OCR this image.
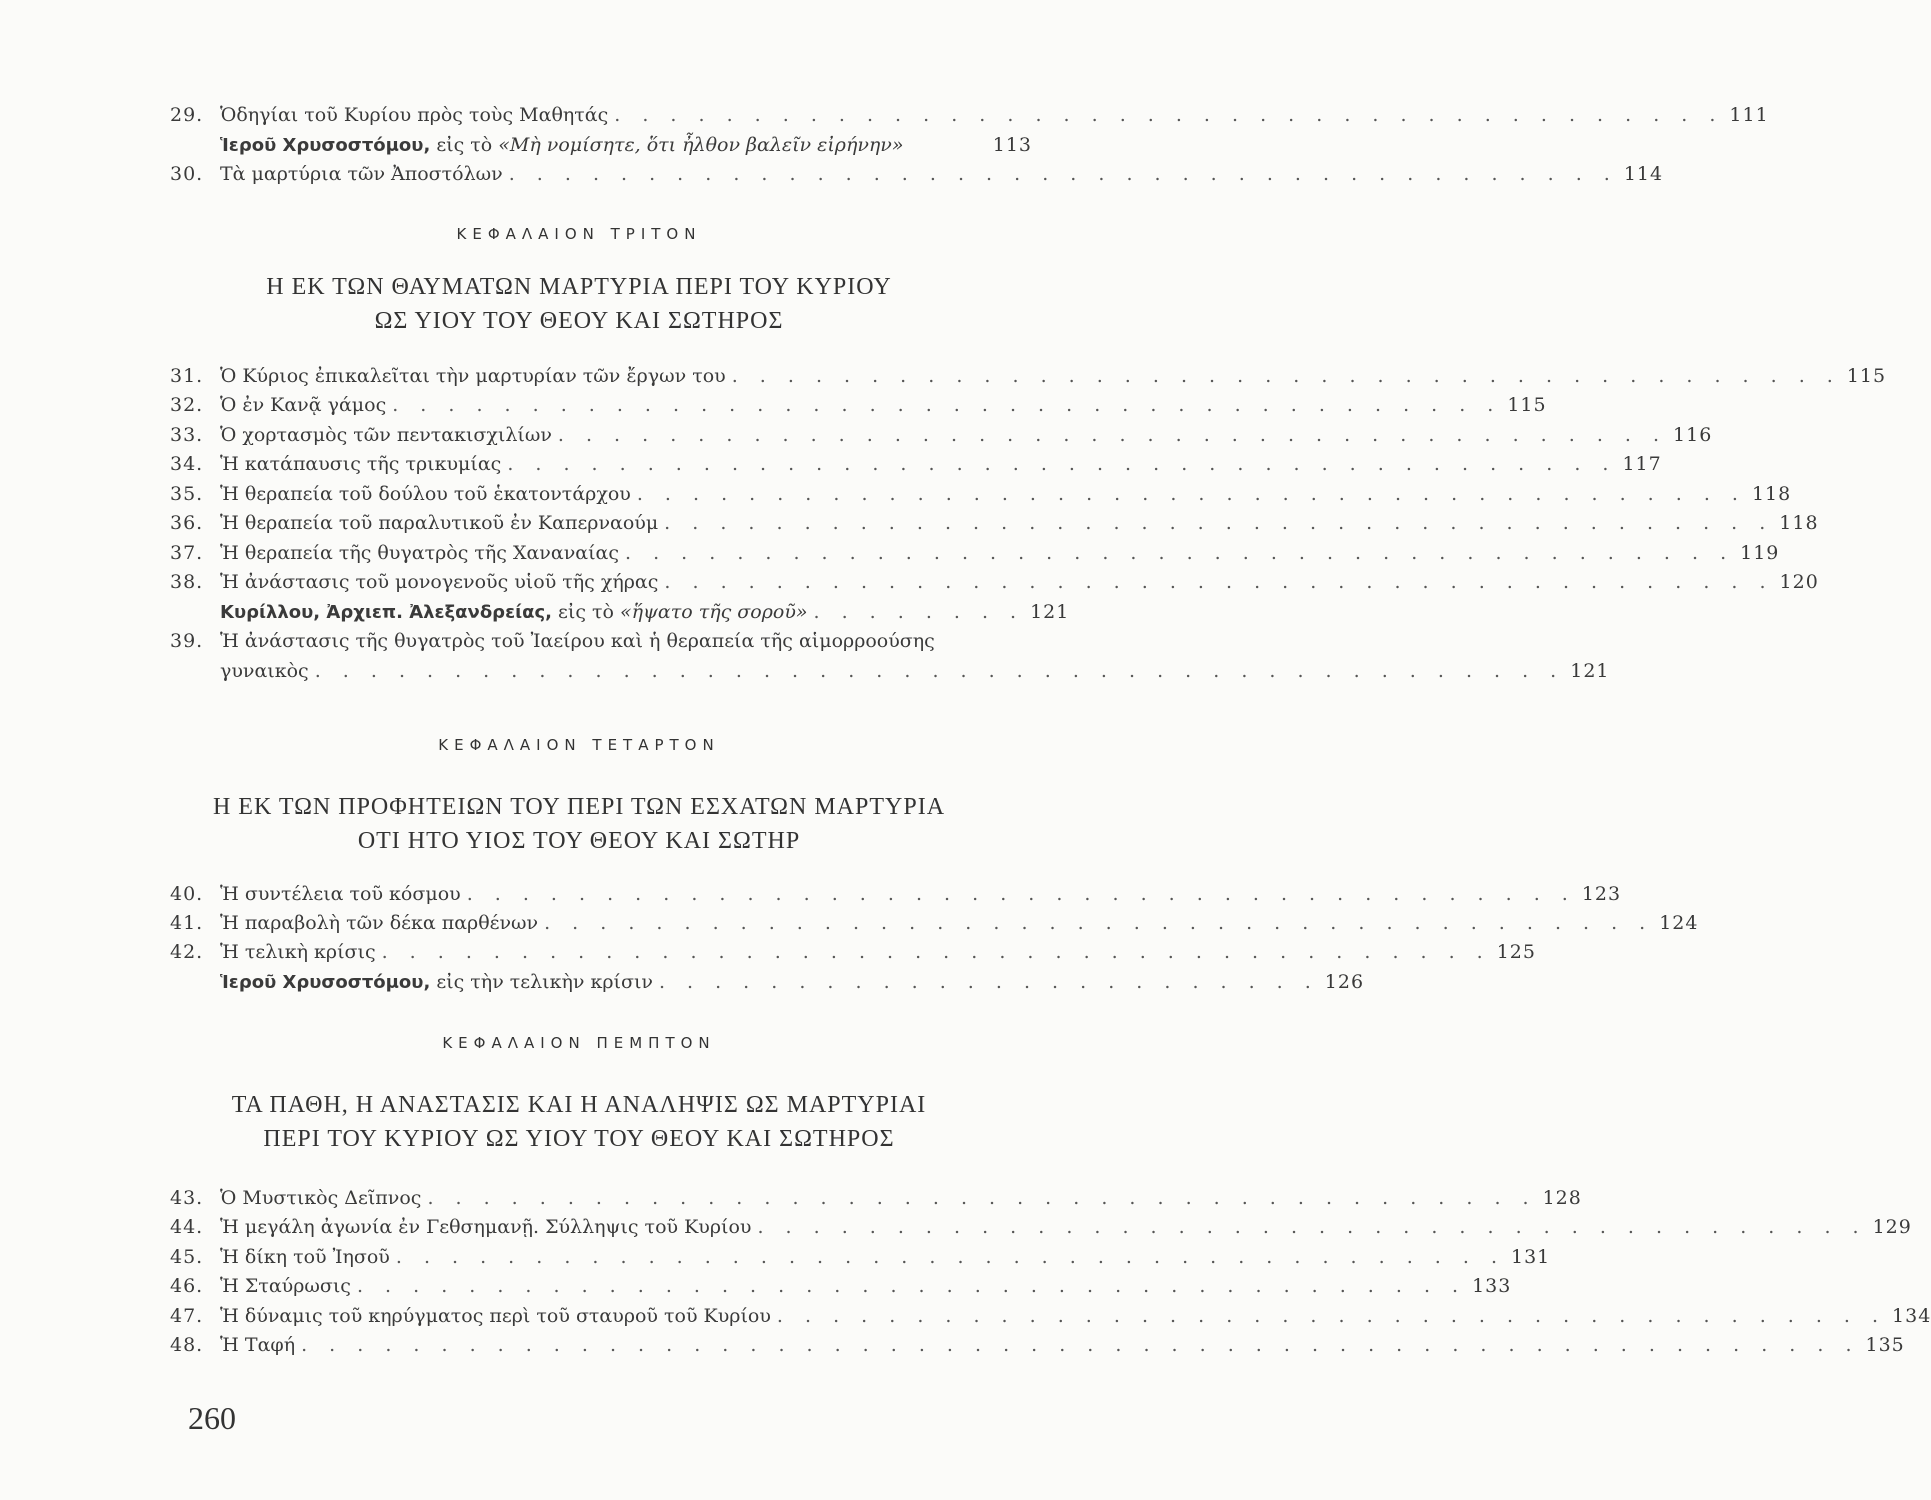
29. Ὁδηγίαι τοῦ Κυρίου πρὸς τοὺς Μαθητάς . . . . . . . . . . . . . . . . . . . . . . . . . . . . . . . . . . . . . . . . 111
Ἱεροῦ Χρυσοστόμου, εἰς τὸ «Μὴ νομίσητε, ὅτι ἦλθον βαλεῖν εἰρήνην»	113
30. Τὰ μαρτύρια τῶν Ἀποστόλων . . . . . . . . . . . . . . . . . . . . . . . . . . . . . . . . . . . . . . . . 114
ΚΕΦΑΛΑΙΟΝ ΤΡΙΤΟΝ
Η ΕΚ ΤΩΝ ΘΑΥΜΑΤΩΝ ΜΑΡΤΥΡΙΑ ΠΕΡΙ ΤΟΥ ΚΥΡΙΟΥ
ΩΣ ΥΙΟΥ ΤΟΥ ΘΕΟΥ ΚΑΙ ΣΩΤΗΡΟΣ
31. Ὁ Κύριος ἐπικαλεῖται τὴν μαρτυρίαν τῶν ἔργων του . . . . . . . . . . . . . . . . . . . . . . . . . . . . . . . . . . . . . . . . 115
32. Ὁ ἐν Κανᾷ γάμος . . . . . . . . . . . . . . . . . . . . . . . . . . . . . . . . . . . . . . . . 115
33. Ὁ χορτασμὸς τῶν πεντακισχιλίων . . . . . . . . . . . . . . . . . . . . . . . . . . . . . . . . . . . . . . . . 116
34. Ἡ κατάπαυσις τῆς τρικυμίας . . . . . . . . . . . . . . . . . . . . . . . . . . . . . . . . . . . . . . . . 117
35. Ἡ θεραπεία τοῦ δούλου τοῦ ἑκατοντάρχου . . . . . . . . . . . . . . . . . . . . . . . . . . . . . . . . . . . . . . . . 118
36. Ἡ θεραπεία τοῦ παραλυτικοῦ ἐν Καπερναούμ . . . . . . . . . . . . . . . . . . . . . . . . . . . . . . . . . . . . . . . . 118
37. Ἡ θεραπεία τῆς θυγατρὸς τῆς Χαναναίας . . . . . . . . . . . . . . . . . . . . . . . . . . . . . . . . . . . . . . . . 119
38. Ἡ ἀνάστασις τοῦ μονογενοῦς υἱοῦ τῆς χήρας . . . . . . . . . . . . . . . . . . . . . . . . . . . . . . . . . . . . . . . . 120
Κυρίλλου, Ἀρχιεπ. Ἀλεξανδρείας, εἰς τὸ «ἥψατο τῆς σοροῦ» . . . . . . . . 121
39. Ἡ ἀνάστασις τῆς θυγατρὸς τοῦ Ἰαείρου καὶ ἡ θεραπεία τῆς αἱμορροούσης
γυναικὸς . . . . . . . . . . . . . . . . . . . . . . . . . . . . . . . . . . . . . . . . . . . . . 121
ΚΕΦΑΛΑΙΟΝ ΤΕΤΑΡΤΟΝ
Η ΕΚ ΤΩΝ ΠΡΟΦΗΤΕΙΩΝ ΤΟΥ ΠΕΡΙ ΤΩΝ ΕΣΧΑΤΩΝ ΜΑΡΤΥΡΙΑ
ΟΤΙ ΗΤΟ ΥΙΟΣ ΤΟΥ ΘΕΟΥ ΚΑΙ ΣΩΤΗΡ
40. Ἡ συντέλεια τοῦ κόσμου . . . . . . . . . . . . . . . . . . . . . . . . . . . . . . . . . . . . . . . . 123
41. Ἡ παραβολὴ τῶν δέκα παρθένων . . . . . . . . . . . . . . . . . . . . . . . . . . . . . . . . . . . . . . . . 124
42. Ἡ τελικὴ κρίσις . . . . . . . . . . . . . . . . . . . . . . . . . . . . . . . . . . . . . . . . 125
Ἱεροῦ Χρυσοστόμου, εἰς τὴν τελικὴν κρίσιν . . . . . . . . . . . . . . . . . . . . . . . . 126
ΚΕΦΑΛΑΙΟΝ ΠΕΜΠΤΟΝ
ΤΑ ΠΑΘΗ, Η ΑΝΑΣΤΑΣΙΣ ΚΑΙ Η ΑΝΑΛΗΨΙΣ ΩΣ ΜΑΡΤΥΡΙΑΙ
ΠΕΡΙ ΤΟΥ ΚΥΡΙΟΥ ΩΣ ΥΙΟΥ ΤΟΥ ΘΕΟΥ ΚΑΙ ΣΩΤΗΡΟΣ
43. Ὁ Μυστικὸς Δεῖπνος . . . . . . . . . . . . . . . . . . . . . . . . . . . . . . . . . . . . . . . . 128
44. Ἡ μεγάλη ἀγωνία ἐν Γεθσημανῇ. Σύλληψις τοῦ Κυρίου . . . . . . . . . . . . . . . . . . . . . . . . . . . . . . . . . . . . . . . . 129
45. Ἡ δίκη τοῦ Ἰησοῦ . . . . . . . . . . . . . . . . . . . . . . . . . . . . . . . . . . . . . . . . 131
46. Ἡ Σταύρωσις . . . . . . . . . . . . . . . . . . . . . . . . . . . . . . . . . . . . . . . . 133
47. Ἡ δύναμις τοῦ κηρύγματος περὶ τοῦ σταυροῦ τοῦ Κυρίου . . . . . . . . . . . . . . . . . . . . . . . . . . . . . . . . . . . . . . . . 134
48. Ἡ Ταφή . . . . . . . . . . . . . . . . . . . . . . . . . . . . . . . . . . . . . . . . . . . . . . . . . . . . . . . . 135
260
